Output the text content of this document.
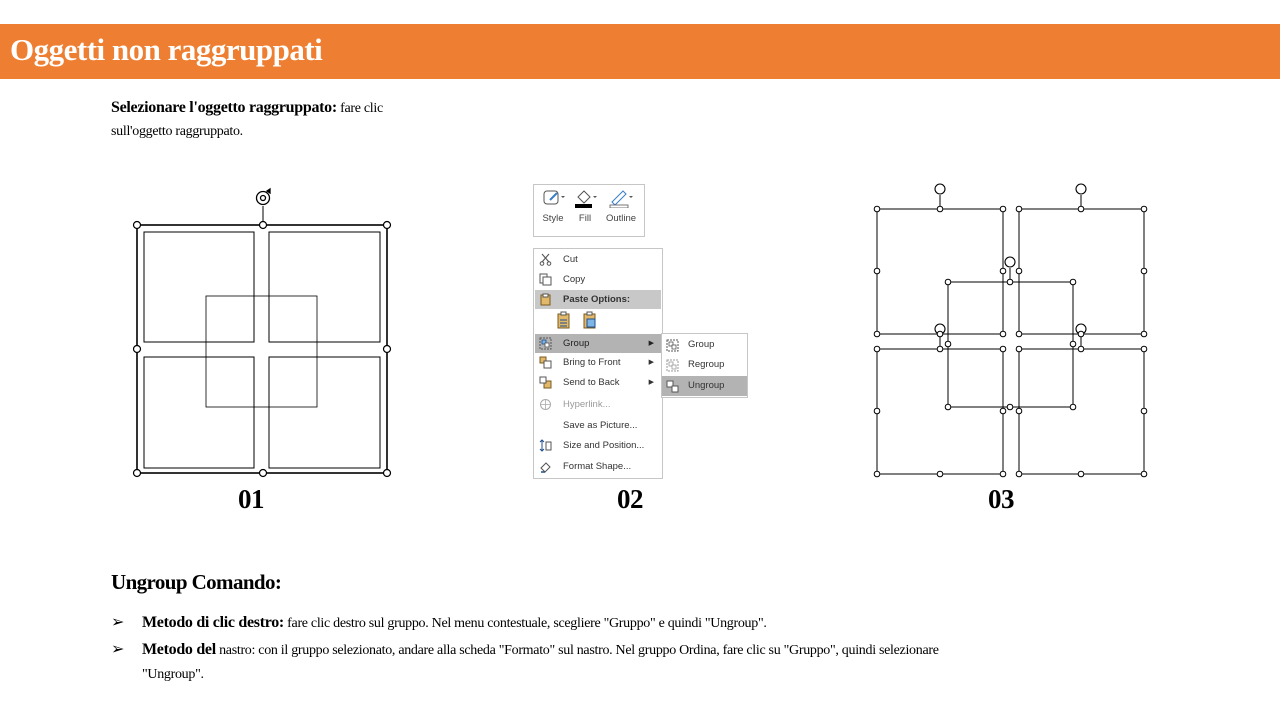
Oggetti non raggruppati
Selezionare l'oggetto raggruppato: fare clic sull'oggetto raggruppato.
01
Style	Fill	Outline
Cut
Copy
Paste Options:
Group	▶
Bring to Front	▶
Send to Back	▶
Hyperlink...
Save as Picture...
Size and Position...
Format Shape...
Group
Regroup
Ungroup
02	03
Ungroup Comando:
➢ Metodo di clic destro: fare clic destro sul gruppo. Nel menu contestuale, scegliere "Gruppo" e quindi "Ungroup".
➢ Metodo del nastro: con il gruppo selezionato, andare alla scheda "Formato" sul nastro. Nel gruppo Ordina, fare clic su "Gruppo", quindi selezionare "Ungroup".
